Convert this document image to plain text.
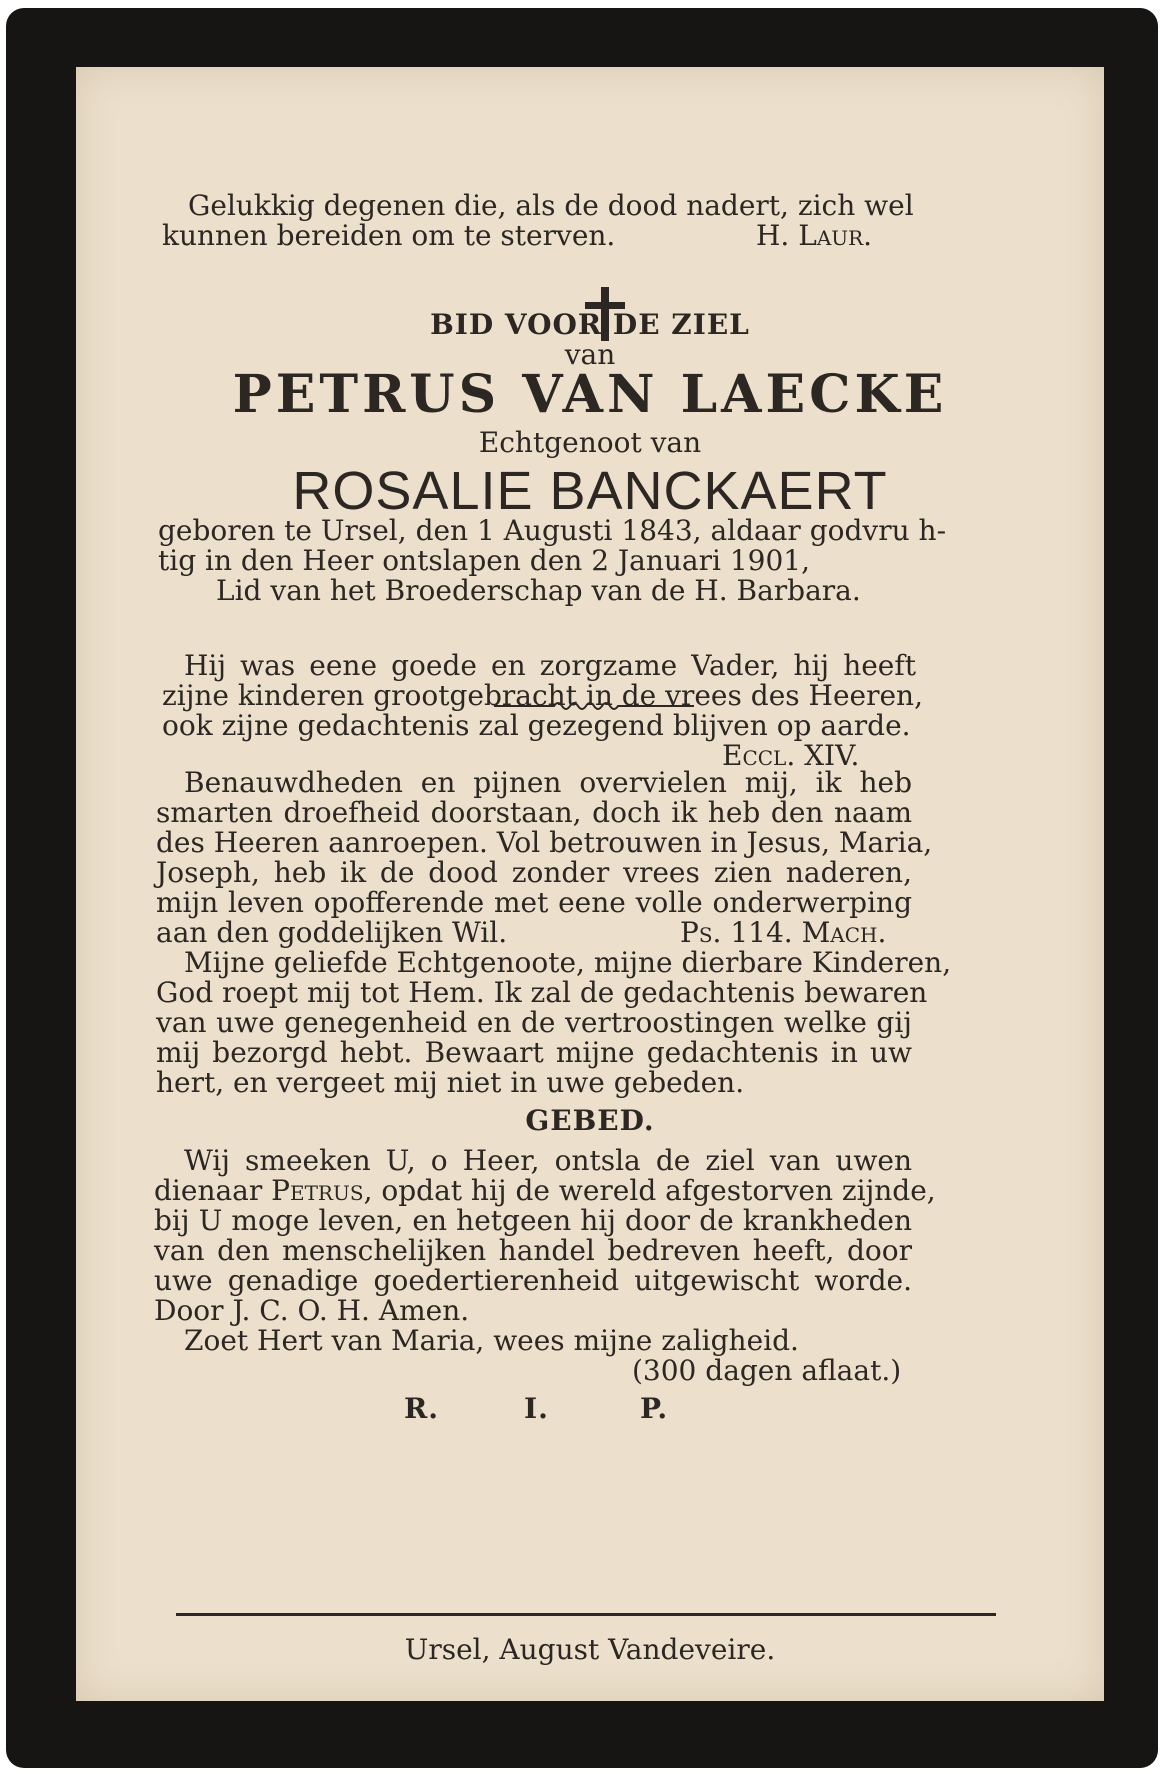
Gelukkig degenen die, als de dood nadert, zich wel
kunnen bereiden om te sterven.	H. Laur.
BID VOOR DE ZIEL
van
PETRUS VAN LAECKE
Echtgenoot van
ROSALIE BANCKAERT
geboren te Ursel, den 1 Augusti 1843, aldaar godvru h-
tig in den Heer ontslapen den 2 Januari 1901,
Lid van het Broederschap van de H. Barbara.
Hij was eene goede en zorgzame Vader, hij heeft
zijne kinderen grootgebracht in de vrees des Heeren,
ook zijne gedachtenis zal gezegend blijven op aarde.
Eccl. XIV.
Benauwdheden en pijnen overvielen mij, ik heb
smarten droefheid doorstaan, doch ik heb den naam
des Heeren aanroepen. Vol betrouwen in Jesus, Maria,
Joseph, heb ik de dood zonder vrees zien naderen,
mijn leven opofferende met eene volle onderwerping
aan den goddelijken Wil.	Ps. 114. Mach.
Mijne geliefde Echtgenoote, mijne dierbare Kinderen,
God roept mij tot Hem. Ik zal de gedachtenis bewaren
van uwe genegenheid en de vertroostingen welke gij
mij bezorgd hebt. Bewaart mijne gedachtenis in uw
hert, en vergeet mij niet in uwe gebeden.
GEBED.
Wij smeeken U, o Heer, ontsla de ziel van uwen
dienaar Petrus, opdat hij de wereld afgestorven zijnde,
bij U moge leven, en hetgeen hij door de krankheden
van den menschelijken handel bedreven heeft, door
uwe genadige goedertierenheid uitgewischt worde.
Door J. C. O. H. Amen.
Zoet Hert van Maria, wees mijne zaligheid.
(300 dagen aflaat.)
R.	I.	P.
Ursel, August Vandeveire.
